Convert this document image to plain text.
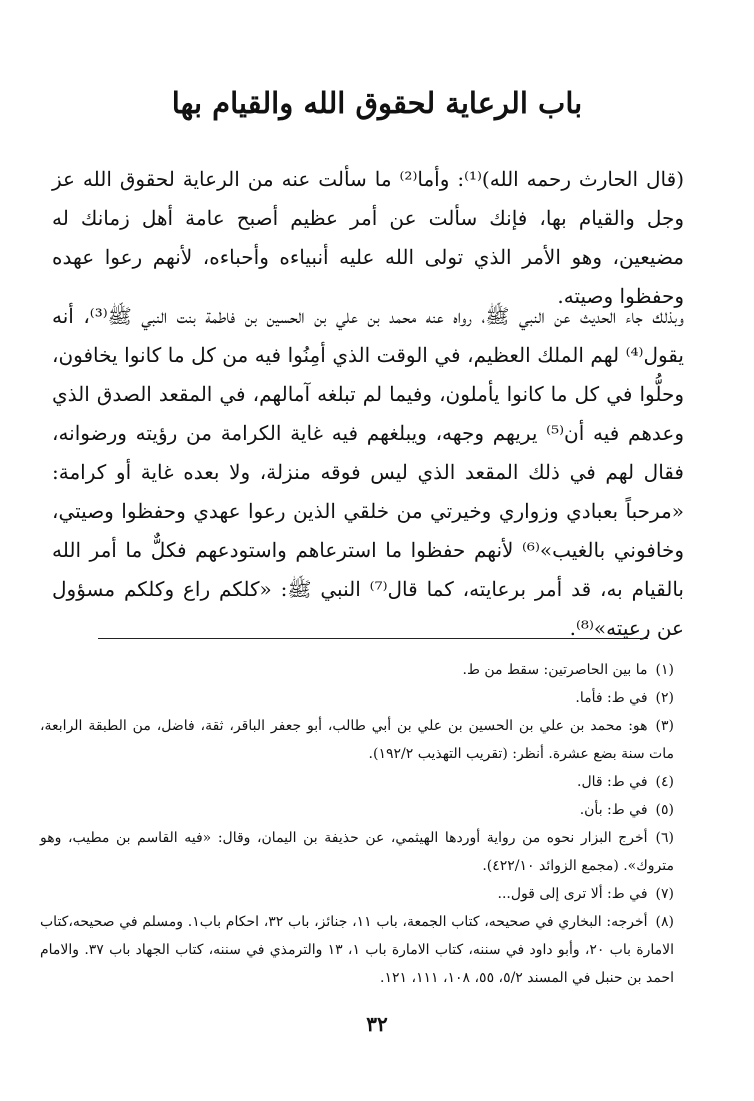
باب الرعاية لحقوق الله والقيام بها

(قال الحارث رحمه الله)⁽¹⁾: وأما⁽²⁾ ما سألت عنه من الرعاية لحقوق الله عز وجل والقيام بها، فإنك سألت عن أمر عظيم أصبح عامة أهل زمانك له مضيعين، وهو الأمر الذي تولى الله عليه أنبياءه وأحباءه، لأنهم رعوا عهده وحفظوا وصيته.

وبذلك جاء الحديث عن النبي ﷺ، رواه عنه محمد بن علي بن الحسين بن فاطمة بنت النبي ﷺ⁽³⁾، أنه يقول⁽⁴⁾ لهم الملك العظيم، في الوقت الذي أمِنُوا فيه من كل ما كانوا يخافون، وحلُّوا في كل ما كانوا يأملون، وفيما لم تبلغه آمالهم، في المقعد الصدق الذي وعدهم فيه أن⁽⁵⁾ يريهم وجهه، ويبلغهم فيه غاية الكرامة من رؤيته ورضوانه، فقال لهم في ذلك المقعد الذي ليس فوقه منزلة، ولا بعده غاية أو كرامة: «مرحباً بعبادي وزواري وخيرتي من خلقي الذين رعوا عهدي وحفظوا وصيتي، وخافوني بالغيب»⁽⁶⁾ لأنهم حفظوا ما استرعاهم واستودعهم فكلٌّ ما أمر الله بالقيام به، قد أمر برعايته، كما قال⁽⁷⁾ النبي ﷺ: «كلكم راع وكلكم مسؤول عن رعيته»⁽⁸⁾.

(١)ما بين الحاصرتين: سقط من ط.
(٢)في ط: فأما.
(٣)هو: محمد بن علي بن الحسين بن علي بن أبي طالب، أبو جعفر الباقر، ثقة، فاضل، من الطبقة الرابعة، مات سنة بضع عشرة. أنظر: (تقريب التهذيب ١٩٢/٢).
(٤)في ط: قال.
(٥)في ط: بأن.
(٦)أخرج البزار نحوه من رواية أوردها الهيثمي، عن حذيفة بن اليمان، وقال: «فيه القاسم بن مطيب، وهو متروك». (مجمع الزوائد ٤٢٢/١٠).
(٧)في ط: ألا ترى إلى قول...
(٨)أخرجه: البخاري في صحيحه، كتاب الجمعة، باب ١١، جنائز، باب ٣٢، احكام باب١. ومسلم في صحيحه،كتاب الامارة باب ٢٠، وأبو داود في سننه، كتاب الامارة باب ١، ١٣ والترمذي في سننه، كتاب الجهاد باب ٣٧. والامام احمد بن حنبل في المسند ٥/٢، ٥٥، ١٠٨، ١١١، ١٢١.
٣٢
